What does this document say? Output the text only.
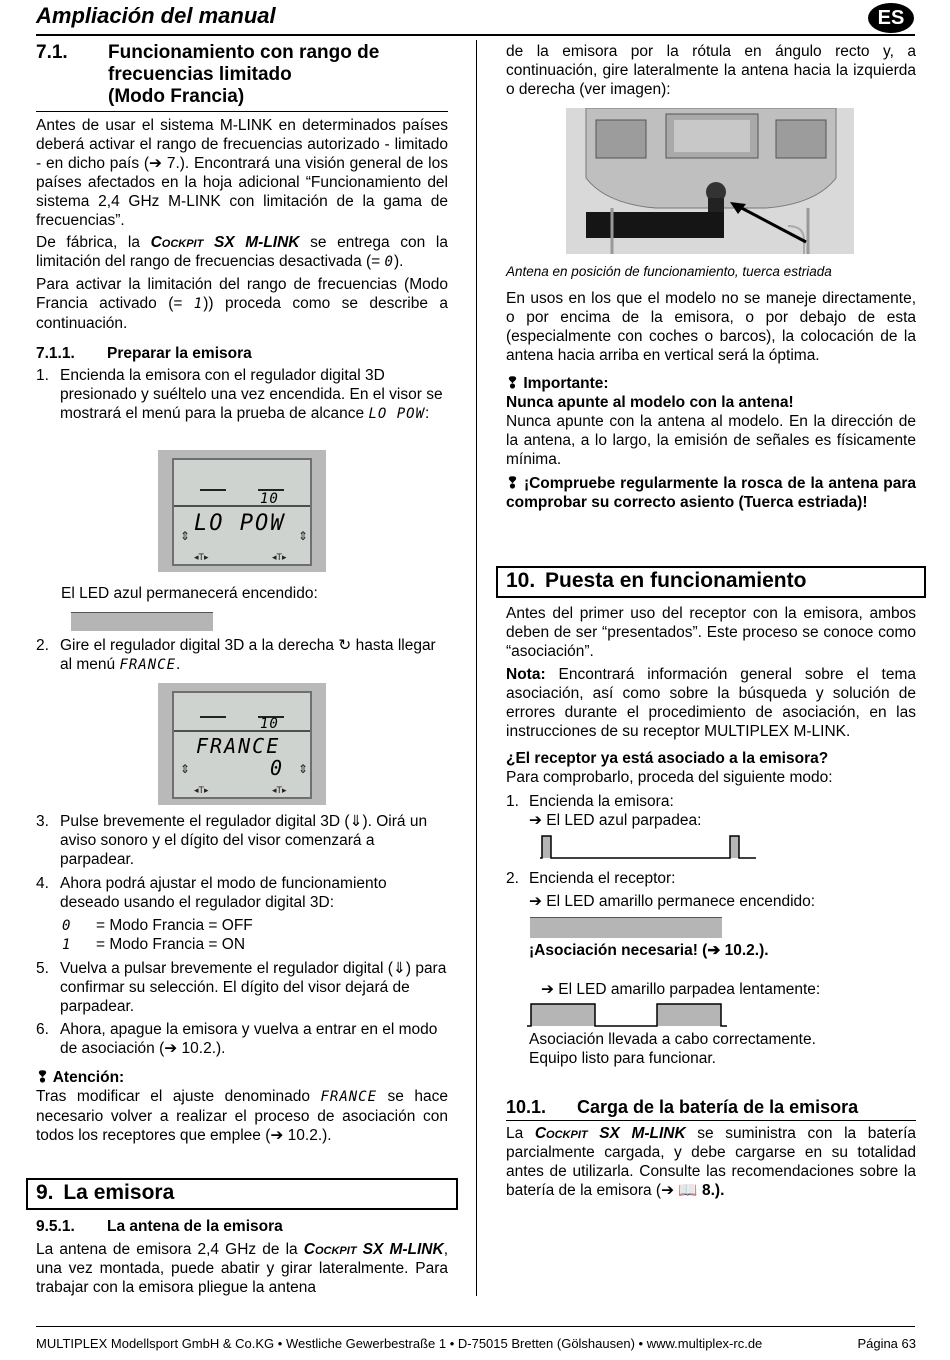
Ampliación del manual	ES
7.1. Funcionamiento con rango de
frecuencias limitado
(Modo Francia)

Antes de usar el sistema M-LINK en determinados países deberá activar el rango de frecuencias autorizado - limitado - en dicho país (➔ 7.). Encontrará una visión general de los países afectados en la hoja adicional “Funcionamiento del sistema 2,4 GHz M-LINK con limitación de la gama de frecuencias”.

De fábrica, la Cockpit SX M-LINK se entrega con la limitación del rango de frecuencias desactivada (= 0).

Para activar la limitación del rango de frecuencias (Modo Francia activado (= 1)) proceda como se describe a continuación.

7.1.1. Preparar la emisora
1. Encienda la emisora con el regulador digital 3D presionado y suéltelo una vez encendida. En el visor se mostrará el menú para la prueba de alcance LO POW:

⇕	⇕
◂T▸	◂T▸
10
LO POW

El LED azul permanecerá encendido:

2. Gire el regulador digital 3D a la derecha ↻ hasta llegar al menú FRANCE.

⇕	⇕
◂T▸	◂T▸
10
FRANCE
0
3. Pulse brevemente el regulador digital 3D (⇓). Oirá un aviso sonoro y el dígito del visor comenzará a parpadear.

4. Ahora podrá ajustar el modo de funcionamiento deseado usando el regulador digital 3D:

0 = Modo Francia = OFF
1 = Modo Francia = ON
5. Vuelva a pulsar brevemente el regulador digital (⇓) para confirmar su selección. El dígito del visor dejará de parpadear.

6. Ahora, apague la emisora y vuelva a entrar en el modo de asociación (➔ 10.2.).

❢ Atención:

Tras modificar el ajuste denominado FRANCE se hace necesario volver a realizar el proceso de asociación con todos los receptores que emplee (➔ 10.2.).

9. La emisora
9.5.1. La antena de la emisora

La antena de emisora 2,4 GHz de la Cockpit SX M-LINK, una vez montada, puede abatir y girar lateralmente. Para trabajar con la emisora pliegue la antena

de la emisora por la rótula en ángulo recto y, a continuación, gire lateralmente la antena hacia la izquierda o derecha (ver imagen):

Antena en posición de funcionamiento, tuerca estriada

En usos en los que el modelo no se maneje directamente, o por encima de la emisora, o por debajo de esta (especialmente con coches o barcos), la colocación de la antena hacia arriba en vertical será la óptima.

❢ Importante:

Nunca apunte al modelo con la antena!

Nunca apunte con la antena al modelo. En la dirección de la antena, a lo largo, la emisión de señales es físicamente mínima.

❢ ¡Compruebe regularmente la rosca de la antena para comprobar su correcto asiento (Tuerca estriada)!
10. Puesta en funcionamiento

Antes del primer uso del receptor con la emisora, ambos deben de ser “presentados”. Este proceso se conoce como “asociación”.

Nota: Encontrará información general sobre el tema asociación, así como sobre la búsqueda y solución de errores durante el procedimiento de asociación, en las instrucciones de su receptor MULTIPLEX M-LINK.

¿El receptor ya está asociado a la emisora?

Para comprobarlo, proceda del siguiente modo:

1. Encienda la emisora:

➔ El LED azul parpadea:

2. Encienda el receptor:

➔ El LED amarillo permanece encendido:

¡Asociación necesaria! (➔ 10.2.).

➔ El LED amarillo parpadea lentamente:

Asociación llevada a cabo correctamente.

Equipo listo para funcionar.

10.1. Carga de la batería de la emisora

La Cockpit SX M-LINK se suministra con la batería parcialmente cargada, y debe cargarse en su totalidad antes de utilizarla. Consulte las recomendaciones sobre la batería de la emisora (➔ 📖 8.).

MULTIPLEX Modellsport GmbH & Co.KG • Westliche Gewerbestraße 1 • D-75015 Bretten (Gölshausen) • www.multiplex-rc.de	Página 63
